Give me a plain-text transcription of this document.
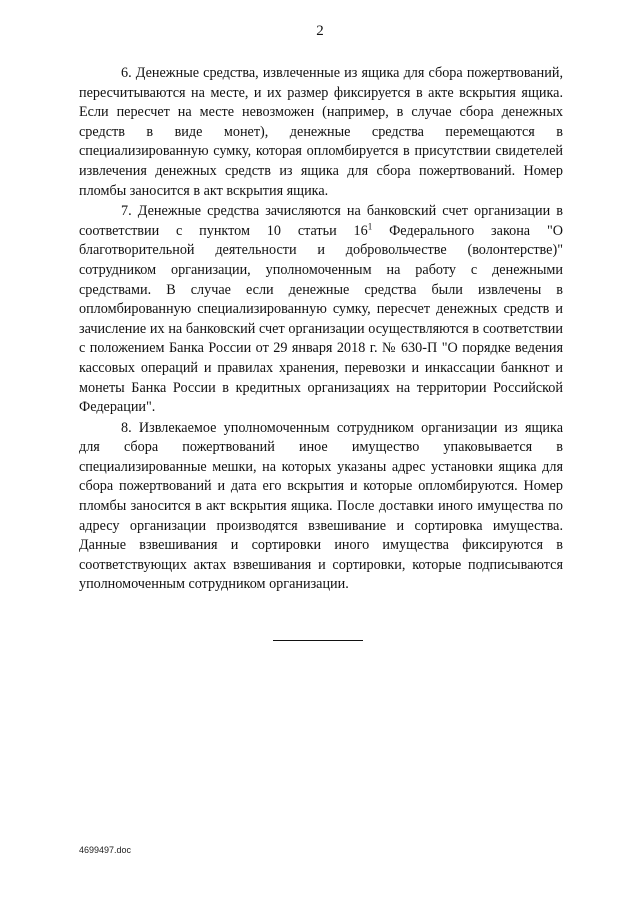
2

6. Денежные средства, извлеченные из ящика для сбора пожертвований, пересчитываются на месте, и их размер фиксируется в акте вскрытия ящика. Если пересчет на месте невозможен (например, в случае сбора денежных средств в виде монет), денежные средства перемещаются в специализированную сумку, которая опломбируется в присутствии свидетелей извлечения денежных средств из ящика для сбора пожертвований. Номер пломбы заносится в акт вскрытия ящика.

7. Денежные средства зачисляются на банковский счет организации в соответствии с пунктом 10 статьи $16^1$ Федерального закона "О благотворительной деятельности и добровольчестве (волонтерстве)" сотрудником организации, уполномоченным на работу с денежными средствами. В случае если денежные средства были извлечены в опломбированную специализированную сумку, пересчет денежных средств и зачисление их на банковский счет организации осуществляются в соответствии с положением Банка России от 29 января 2018 г. № 630-П "О порядке ведения кассовых операций и правилах хранения, перевозки и инкассации банкнот и монеты Банка России в кредитных организациях на территории Российской Федерации".

8. Извлекаемое уполномоченным сотрудником организации из ящика для сбора пожертвований иное имущество упаковывается в специализированные мешки, на которых указаны адрес установки ящика для сбора пожертвований и дата его вскрытия и которые опломбируются. Номер пломбы заносится в акт вскрытия ящика. После доставки иного имущества по адресу организации производятся взвешивание и сортировка имущества. Данные взвешивания и сортировки иного имущества фиксируются в соответствующих актах взвешивания и сортировки, которые подписываются уполномоченным сотрудником организации.

4699497.doc
